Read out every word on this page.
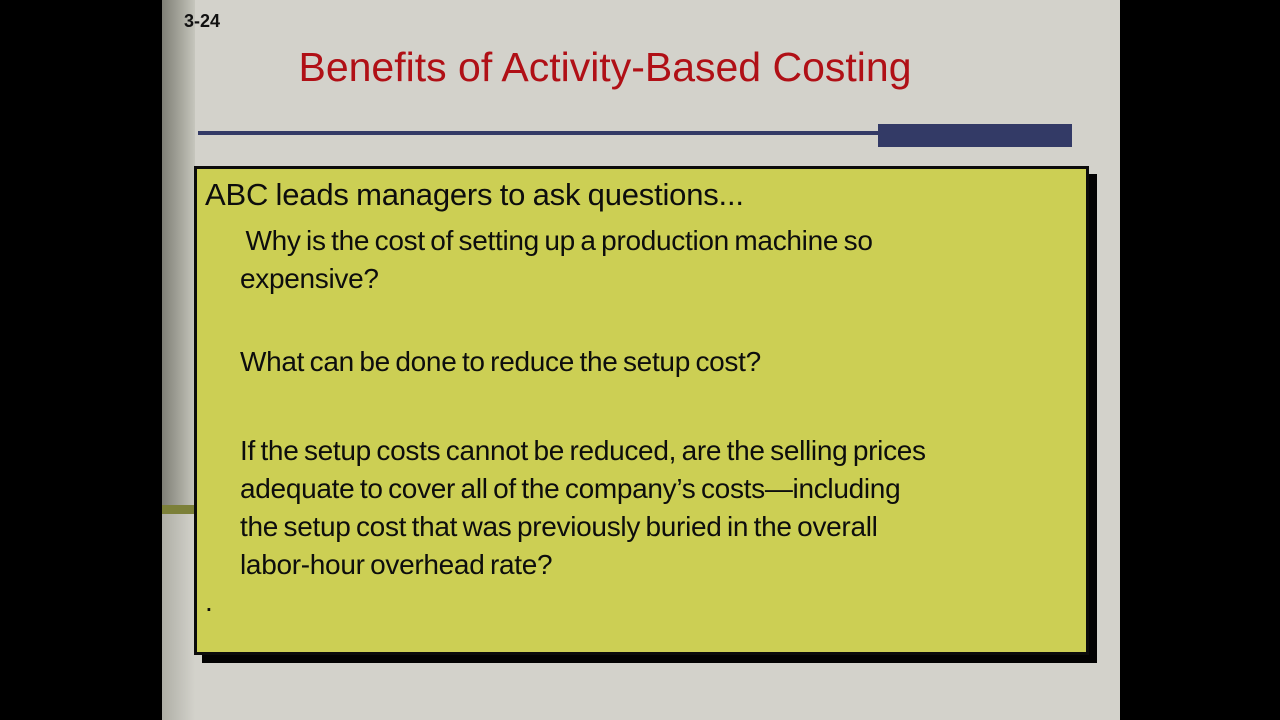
3-24
Benefits of Activity-Based Costing
ABC leads managers to ask questions...
Why is the cost of setting up a production machine so
expensive?
What can be done to reduce the setup cost?
If the setup costs cannot be reduced, are the selling prices
adequate to cover all of the company’s costs—including
the setup cost that was previously buried in the overall
labor-hour overhead rate?
.
